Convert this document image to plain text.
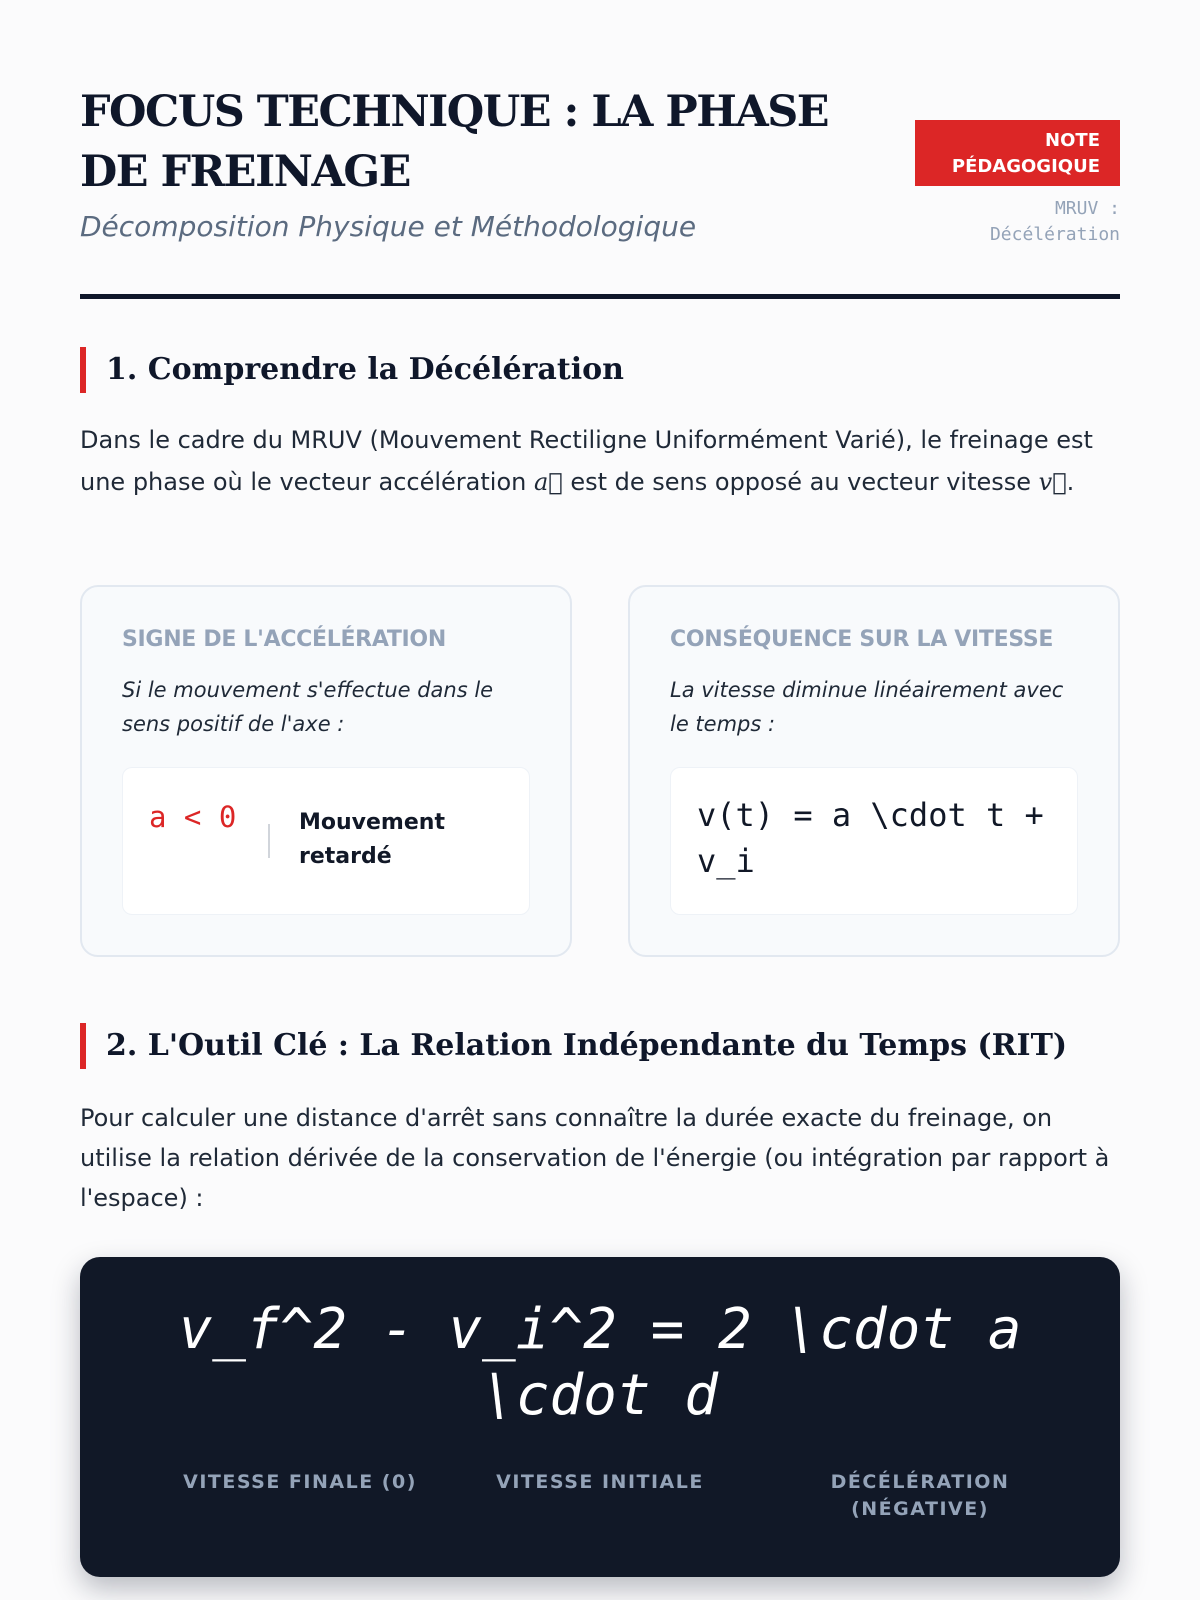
FOCUS TECHNIQUE : LA PHASE DE FREINAGE

Décomposition Physique et Méthodologique

NOTE PÉDAGOGIQUE
MRUV : Décélération
1. Comprendre la Décélération

Dans le cadre du MRUV (Mouvement Rectiligne Uniformément Varié), le freinage est une phase où le vecteur accélération a⃗ est de sens opposé au vecteur vitesse v⃗.

SIGNE DE L'ACCÉLÉRATION

Si le mouvement s'effectue dans le sens positif de l'axe :

a < 0	Mouvement retardé

CONSÉQUENCE SUR LA VITESSE

La vitesse diminue linéairement avec le temps :

v(t) = a \cdot t + v_i
2. L'Outil Clé : La Relation Indépendante du Temps (RIT)

Pour calculer une distance d'arrêt sans connaître la durée exacte du freinage, on utilise la relation dérivée de la conservation de l'énergie (ou intégration par rapport à l'espace) :

v_f^2 - v_i^2 = 2 \cdot a \cdot d

VITESSE FINALE (0)	VITESSE INITIALE	DÉCÉLÉRATION (NÉGATIVE)
